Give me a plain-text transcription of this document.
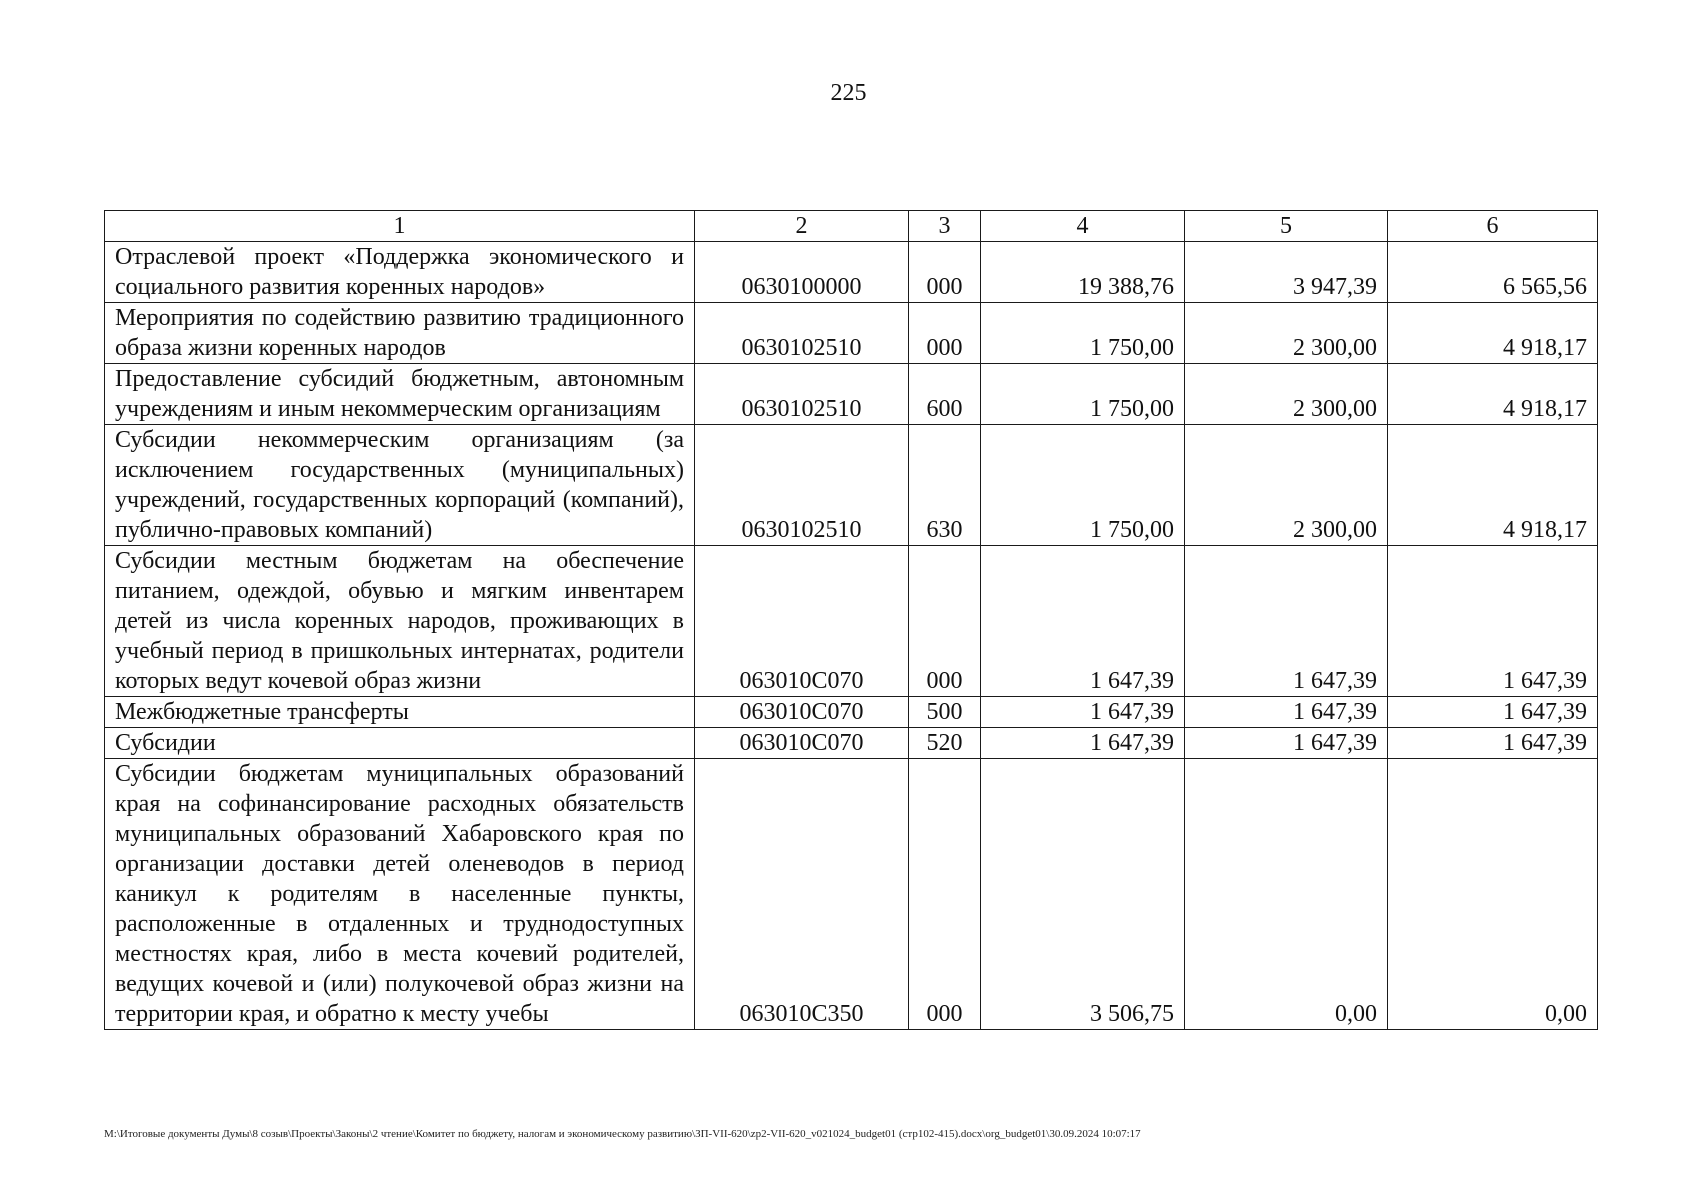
225
1	2	3	4	5	6
Отраслевой проект «Поддержка экономического и социального развития коренных народов»	0630100000	000	19 388,76	3 947,39	6 565,56
Мероприятия по содействию развитию традиционного образа жизни коренных народов	0630102510	000	1 750,00	2 300,00	4 918,17
Предоставление субсидий бюджетным, автономным учреждениям и иным некоммерческим организациям	0630102510	600	1 750,00	2 300,00	4 918,17
Субсидии некоммерческим организациям (за исключением государственных (муниципальных) учреждений, государственных корпораций (компаний), публично-правовых компаний)	0630102510	630	1 750,00	2 300,00	4 918,17
Субсидии местным бюджетам на обеспечение питанием, одеждой, обувью и мягким инвентарем детей из числа коренных народов, проживающих в учебный период в пришкольных интернатах, родители которых ведут кочевой образ жизни	063010С070	000	1 647,39	1 647,39	1 647,39
Межбюджетные трансферты	063010С070	500	1 647,39	1 647,39	1 647,39
Субсидии	063010С070	520	1 647,39	1 647,39	1 647,39
Субсидии бюджетам муниципальных образований края на софинансирование расходных обязательств муниципальных образований Хабаровского края по организации доставки детей оленеводов в период каникул к родителям в населенные пункты, расположенные в отдаленных и труднодоступных местностях края, либо в места кочевий родителей, ведущих кочевой и (или) полукочевой образ жизни на территории края, и обратно к месту учебы	063010С350	000	3 506,75	0,00	0,00
M:\Итоговые документы Думы\8 созыв\Проекты\Законы\2 чтение\Комитет по бюджету, налогам и экономическому развитию\ЗП-VII-620\zp2-VII-620_v021024_budget01 (стр102-415).docx\org_budget01\30.09.2024 10:07:17
